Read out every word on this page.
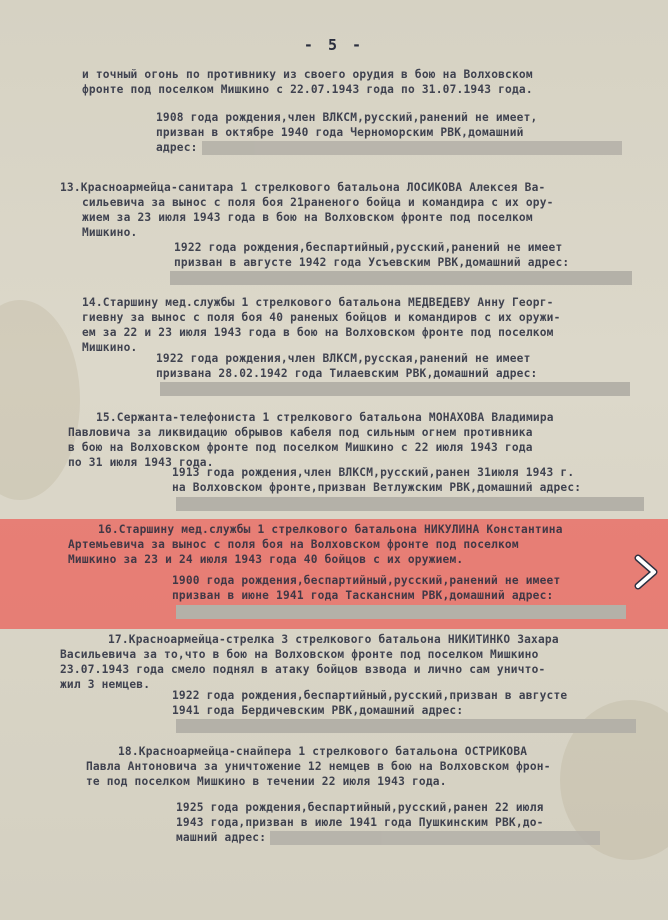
- 5 -
и точный огонь по противнику из своего орудия в бою на Волховском
фронте под поселком Мишкино с 22.07.1943 года по 31.07.1943 года.
1908 года рождения,член ВЛКСМ,русский,ранений не имеет,
призван в октябре 1940 года Черноморским РВК,домашний
адрес:
13.Красноармейца-санитара 1 стрелкового батальона ЛОСИКОВА Алексея Ва-
сильевича за вынос с поля боя 21раненого бойца и командира с их ору-
жием за 23 июля 1943 года в бою на Волховском фронте под поселком
Мишкино.
1922 года рождения,беспартийный,русский,ранений не имеет
призван в августе 1942 года Усъевским РВК,домашний адрес:
14.Старшину мед.службы 1 стрелкового батальона МЕДВЕДЕВУ Анну Георг-
гиевну за вынос с поля боя 40 раненых бойцов и командиров с их оружи-
ем за 22 и 23 июля 1943 года в бою на Волховском фронте под поселком
Мишкино.
1922 года рождения,член ВЛКСМ,русская,ранений не имеет
призвана 28.02.1942 года Тилаевским РВК,домашний адрес:
15.Сержанта-телефониста 1 стрелкового батальона МОНАХОВА Владимира
Павловича за ликвидацию обрывов кабеля под сильным огнем противника
в бою на Волховском фронте под поселком Мишкино с 22 июля 1943 года
по 31 июля 1943 года.
1913 года рождения,член ВЛКСМ,русский,ранен 31июля 1943 г.
на Волховском фронте,призван Ветлужским РВК,домашний адрес:
16.Старшину мед.службы 1 стрелкового батальона НИКУЛИНА Константина
Артемьевича за вынос с поля боя на Волховском фронте под поселком
Мишкино за 23 и 24 июля 1943 года 40 бойцов с их оружием.
1900 года рождения,беспартийный,русский,ранений не имеет
призван в июне 1941 года Таскансним РВК,домашний адрес:
17.Красноармейца-стрелка 3 стрелкового батальона НИКИТИНКО Захара
Васильевича за то,что в бою на Волховском фронте под поселком Мишкино
23.07.1943 года смело поднял в атаку бойцов взвода и лично сам уничто-
жил 3 немцев.
1922 года рождения,беспартийный,русский,призван в августе
1941 года Бердичевским РВК,домашний адрес:
18.Красноармейца-снайпера 1 стрелкового батальона ОСТРИКОВА
Павла Антоновича за уничтожение 12 немцев в бою на Волховском фрон-
те под поселком Мишкино в течении 22 июля 1943 года.
1925 года рождения,беспартийный,русский,ранен 22 июля
1943 года,призван в июле 1941 года Пушкинским РВК,до-
машний адрес:
